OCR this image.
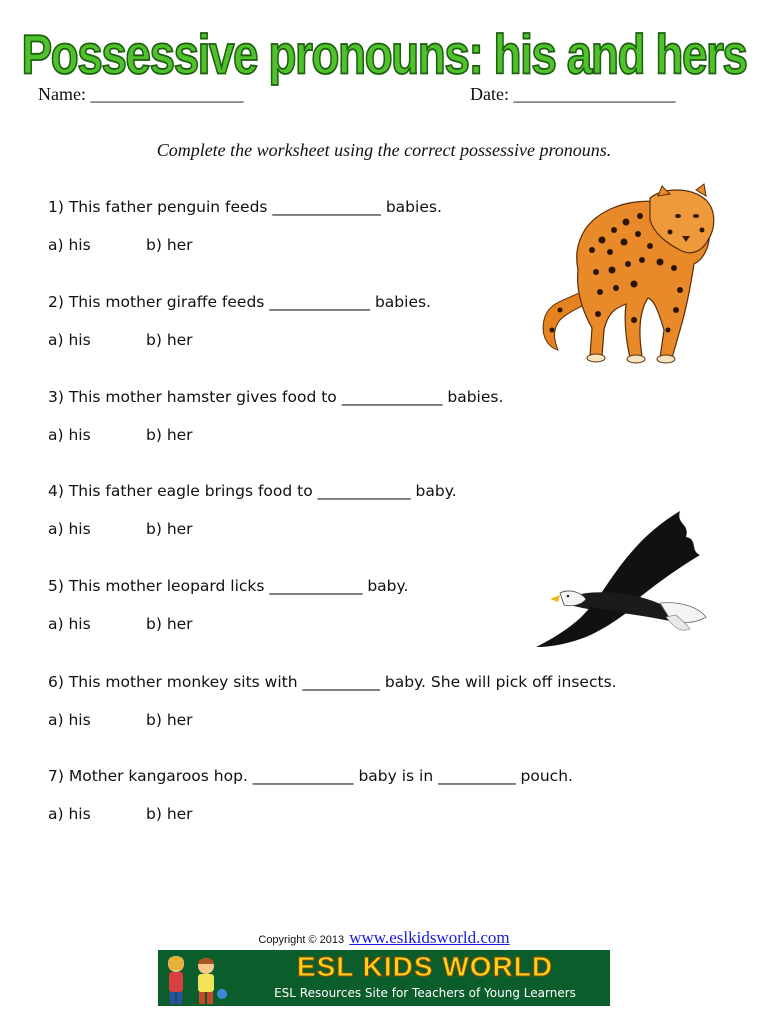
Possessive pronouns: his and hers
Name: _________________	Date: __________________
Complete the worksheet using the correct possessive pronouns.
1) This father penguin feeds ______________ babies.
a) his	b) her
2) This mother giraffe feeds _____________ babies.
a) his	b) her
3) This mother hamster gives food to _____________ babies.
a) his	b) her
4) This father eagle brings food to ____________ baby.
a) his	b) her
5) This mother leopard licks ____________ baby.
a) his	b) her
6) This mother monkey sits with __________ baby. She will pick off insects.
a) his	b) her
7) Mother kangaroos hop. _____________ baby is in __________ pouch.
a) his	b) her
Copyright © 2013 www.eslkidsworld.com
ESL KIDS WORLD
ESL Resources Site for Teachers of Young Learners
